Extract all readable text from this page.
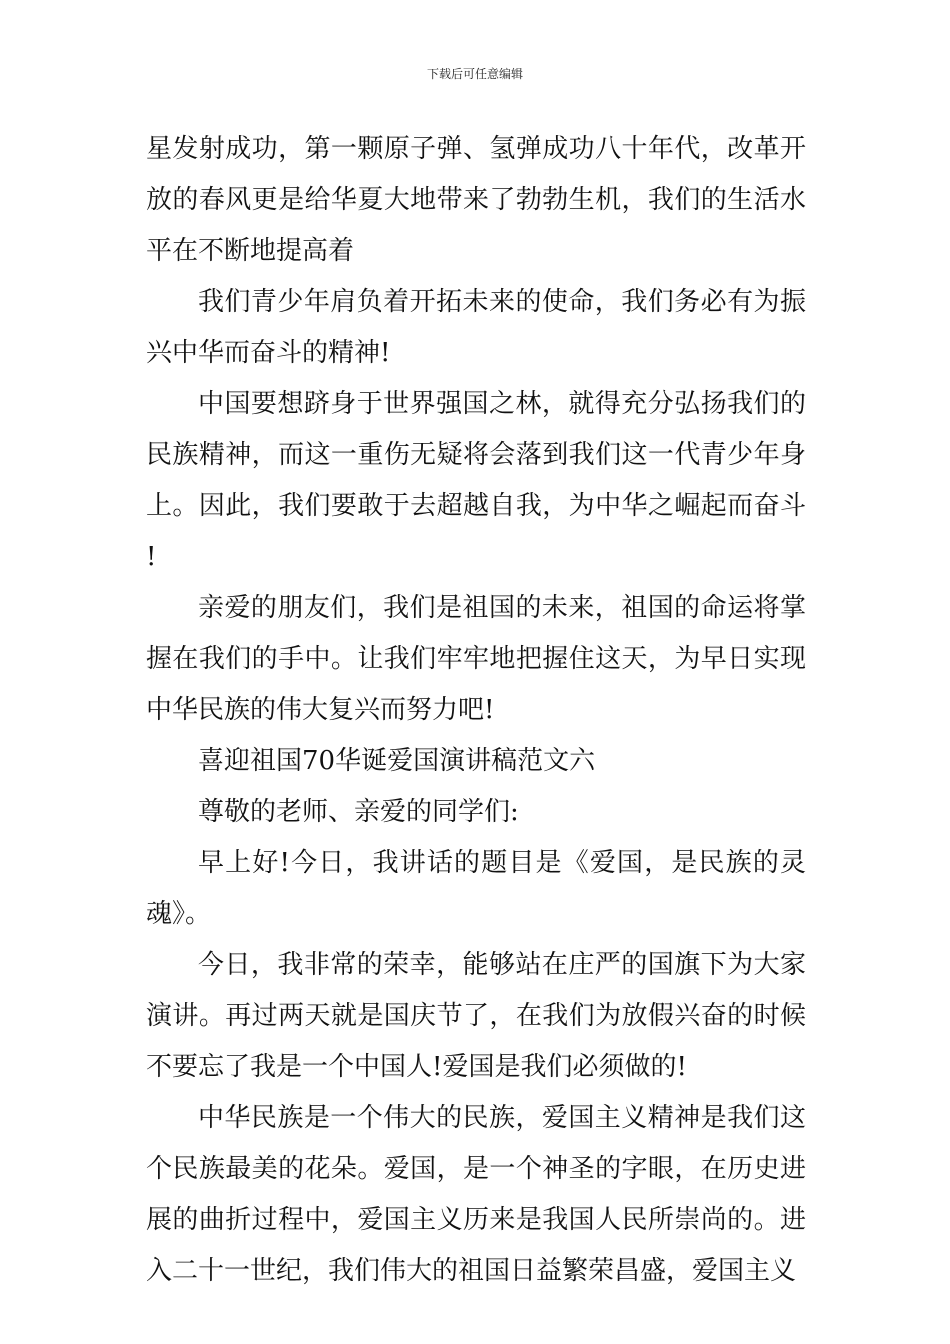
下载后可任意编辑

星发射成功，第一颗原子弹、氢弹成功八十年代，改革开放的春风更是给华夏大地带来了勃勃生机，我们的生活水平在不断地提高着

我们青少年肩负着开拓未来的使命，我们务必有为振兴中华而奋斗的精神!

中国要想跻身于世界强国之林，就得充分弘扬我们的民族精神，而这一重伤无疑将会落到我们这一代青少年身上。因此，我们要敢于去超越自我，为中华之崛起而奋斗!

亲爱的朋友们，我们是祖国的未来，祖国的命运将掌握在我们的手中。让我们牢牢地把握住这天，为早日实现中华民族的伟大复兴而努力吧!

喜迎祖国70华诞爱国演讲稿范文六

尊敬的老师、亲爱的同学们:

早上好!今日，我讲话的题目是《爱国，是民族的灵魂》。

今日，我非常的荣幸，能够站在庄严的国旗下为大家演讲。再过两天就是国庆节了，在我们为放假兴奋的时候不要忘了我是一个中国人!爱国是我们必须做的!

中华民族是一个伟大的民族，爱国主义精神是我们这个民族最美的花朵。爱国，是一个神圣的字眼，在历史进展的曲折过程中，爱国主义历来是我国人民所崇尚的。进入二十一世纪，我们伟大的祖国日益繁荣昌盛，爱国主义
